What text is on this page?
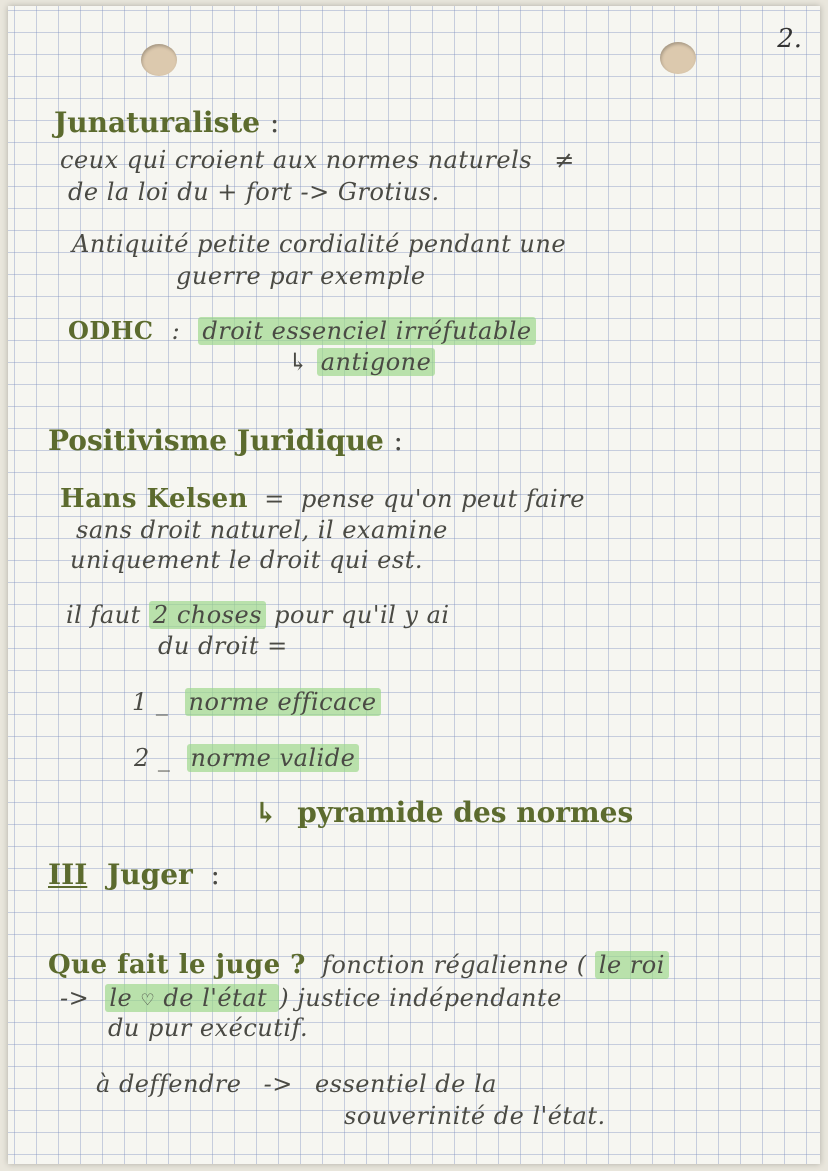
2.
Junaturaliste :
ceux qui croient aux normes naturels ≠
de la loi du + fort -> Grotius.
Antiquité petite cordialité pendant une
guerre par exemple
ODHC : droit essenciel irréfutable
↳ antigone
Positivisme Juridique :
Hans Kelsen = pense qu'on peut faire
sans droit naturel, il examine
uniquement le droit qui est.
il faut 2 choses pour qu'il y ai
du droit =
1 _ norme efficace
2 _ norme valide
↳ pyramide des normes
III Juger :
Que fait le juge ? fonction régalienne ( le roi
-> le ♡ de l'état ) justice indépendante
du pur exécutif.
à deffendre -> essentiel de la
souverinité de l'état.
